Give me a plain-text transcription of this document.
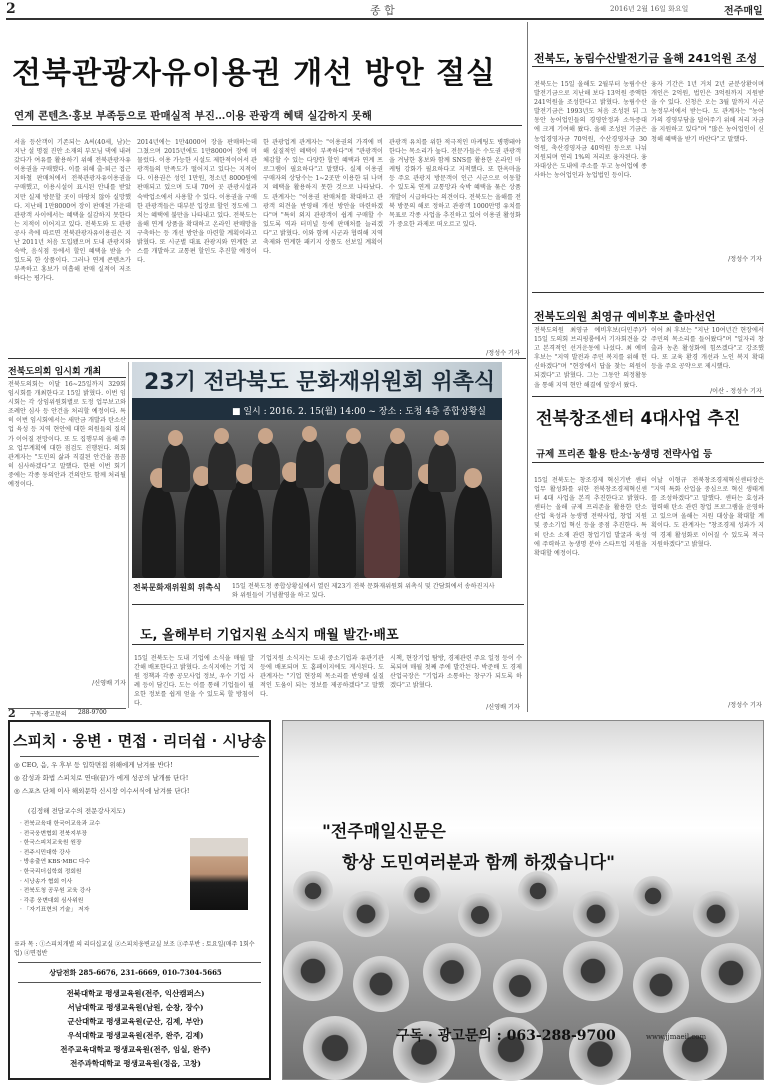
2	종 합	2016년 2월 16일 화요일	전주매일
전북관광자유이용권 개선 방안 절실
연계 콘텐츠·홍보 부족등으로 판매실적 부진…이용 관광객 혜택 실감하지 못해
서울 등산객이 기존되는 A씨(40세, 남)는 지난 설 명절 진안 소재의 부모님 댁에 내려갔다가 여유를 활용하기 위해 전북관광자유이용권을 구매했다. 이를 위해 출·퇴근 접근 지하철 판매처에서 전북관광자유이용권을 구매했고, 이용시설이 표시된 안내를 받았지만 실제 방문할 곳이 마땅치 않아 실망했다. 지난해 1만8000여 장이 판매된 가운데 관광객 사이에서는 혜택을 실감하지 못한다는 지적이 이어지고 있다. 전북도와 도 관광공사 측에 따르면 전북관광자유이용권은 지난 2011년 처음 도입됐으며 도내 관광지와 숙박, 음식점 등에서 할인 혜택을 받을 수 있도록 한 상품이다. 그러나 연계 콘텐츠가 부족하고 홍보가 미흡해 판매 실적이 저조하다는 평가다.
2014년에는 1만4000여 장을 판매하는데 그쳤으며 2015년에도 1만8000여 장에 머물렀다. 이용 가능한 시설도 제한적이어서 관광객들의 만족도가 떨어지고 있다는 지적이다. 이용권은 성인 1만원, 청소년 8000원에 판매되고 있으며 도내 70여 곳 관광시설과 숙박업소에서 사용할 수 있다. 이용권을 구매한 관광객들은 대부분 입장료 할인 정도에 그치는 혜택에 불만을 나타내고 있다. 전북도는 올해 연계 상품을 확대하고 온라인 판매망을 구축하는 등 개선 방안을 마련할 계획이라고 밝혔다. 또 시군별 대표 관광지와 연계한 코스를 개발하고 교통편 할인도 추진할 예정이다.
한 관광업계 관계자는 "이용권의 가격에 비해 실질적인 혜택이 부족하다"며 "관광객이 체감할 수 있는 다양한 할인 혜택과 연계 프로그램이 필요하다"고 말했다. 실제 이용권 구매자의 상당수는 1~2곳만 이용한 뒤 나머지 혜택을 활용하지 못한 것으로 나타났다. 도 관계자는 "이용권 판매처를 확대하고 관광객 의견을 반영해 개선 방안을 마련하겠다"며 "특히 외지 관광객이 쉽게 구매할 수 있도록 역과 터미널 등에 판매처를 늘리겠다"고 밝혔다. 이와 함께 시군과 협력해 지역 축제와 연계한 패키지 상품도 선보일 계획이다.
관광객 유치를 위한 적극적인 마케팅도 병행돼야 한다는 목소리가 높다. 전문가들은 수도권 관광객을 겨냥한 홍보와 함께 SNS를 활용한 온라인 마케팅 강화가 필요하다고 지적했다. 또 한옥마을 등 주요 관광지 방문객이 인근 시군으로 이동할 수 있도록 연계 교통망과 숙박 혜택을 묶은 상품 개발이 시급하다는 의견이다. 전북도는 올해를 전북 방문의 해로 정하고 관광객 1000만명 유치를 목표로 각종 사업을 추진하고 있어 이용권 활성화가 중요한 과제로 떠오르고 있다.
/정성수 기자
전북도, 농림수산발전기금 올해 241억원 조성
전북도는 15일 올해도 2월부터 농림수산발전기금으로 지난해 보다 13억원 증액한 241억원을 조성한다고 밝혔다. 농림수산발전기금은 1993년도 처음 조성된 뒤 그동안 농어업인들의 경영안정과 소득증대에 크게 기여해 왔다. 올해 조성된 기금은 농업경영자금 70억원, 수산경영자금 30억원, 축산경영자금 40억원 등으로 나눠 지원되며 연리 1%의 저리로 융자된다. 융자대상은 도내에 주소를 두고 농어업에 종사하는 농어업인과 농업법인 등이다.
융자 기간은 1년 거치 2년 균분상환이며 개인은 2억원, 법인은 3억원까지 지원받을 수 있다. 신청은 오는 3월 말까지 시군 농정부서에서 받는다. 도 관계자는 "농어가의 경영부담을 덜어주기 위해 저리 자금을 지원하고 있다"며 "많은 농어업인이 신청해 혜택을 받기 바란다"고 말했다.
/정성수 기자
전북도의원 최영규 예비후보 출마선언
전북도의원 최영규 예비후보(더민주)가 15일 도의회 브리핑룸에서 기자회견을 갖고 본격적인 선거운동에 나섰다. 최 예비후보는 "지역 발전과 주민 복지를 위해 헌신하겠다"며 "현장에서 답을 찾는 의원이 되겠다"고 밝혔다. 그는 그동안 의정활동을 통해 지역 현안 해결에 앞장서 왔다.
이어 최 후보는 "지난 10여년간 현장에서 주민의 목소리를 들어왔다"며 "일자리 창출과 농촌 활성화에 힘쓰겠다"고 강조했다. 또 교육 환경 개선과 노인 복지 확대 등을 주요 공약으로 제시했다.
/이산 - 정성수 기자
전북창조센터 4대사업 추진
규제 프리존 활용 탄소·농생명 전략사업 등
15일 전북도는 창조경제 혁신기반 센터 업무 활성화를 위한 전북창조경제혁신센터 4대 사업을 본격 추진한다고 밝혔다. 센터는 올해 규제 프리존을 활용한 탄소 산업 육성과 농생명 전략사업, 창업 지원 및 중소기업 혁신 등을 중점 추진한다. 특히 탄소 소재 관련 창업기업 발굴과 육성에 주력하고 농생명 분야 스타트업 지원을 확대할 예정이다.
이날 이형규 전북창조경제혁신센터장은 "지역 특화 산업을 중심으로 혁신 생태계를 조성하겠다"고 말했다. 센터는 효성과 협력해 탄소 관련 창업 프로그램을 운영하고 있으며 올해는 지원 대상을 확대할 계획이다. 도 관계자는 "창조경제 성과가 지역 경제 활성화로 이어질 수 있도록 적극 지원하겠다"고 밝혔다.
/정성수 기자
전북도의회 임시회 개최
전북도의회는 이달 16~25일까지 329회 임시회를 개최한다고 15일 밝혔다. 이번 임시회는 각 상임위원회별로 도정 업무보고와 조례안 심사 등 안건을 처리할 예정이다. 특히 이번 임시회에서는 새만금 개발과 탄소산업 육성 등 지역 현안에 대한 의원들의 질의가 이어질 전망이다. 또 도 집행부의 올해 주요 업무계획에 대한 점검도 진행된다. 의회 관계자는 "도민의 삶과 직결된 안건을 꼼꼼히 심사하겠다"고 말했다. 한편 이번 회기 중에는 각종 동의안과 건의안도 함께 처리될 예정이다.
/신영배 기자
23기 전라북도 문화재위원회 위촉식
■ 일시 : 2016. 2. 15(월) 14:00 ~ 장소 : 도청 4층 종합상황실
전북문화재위원회 위촉식 15일 전북도청 종합상황실에서 열린 제23기 전북 문화재위원회 위촉식 및 간담회에서 송하진지사와 위원들이 기념촬영을 하고 있다.
도, 올해부터 기업지원 소식지 매월 발간·배포
15일 전북도는 도내 기업에 소식을 매월 발간해 배포한다고 밝혔다. 소식지에는 기업 지원 정책과 각종 공모사업 정보, 우수 기업 사례 등이 담긴다. 도는 이를 통해 기업들이 필요한 정보를 쉽게 얻을 수 있도록 할 방침이다.
기업지원 소식지는 도내 중소기업과 유관기관 등에 배포되며 도 홈페이지에도 게시된다. 도 관계자는 "기업 현장의 목소리를 반영해 실질적인 도움이 되는 정보를 제공하겠다"고 말했다.
시책, 현장기업 탐방, 경제관련 주요 일정 등이 수록되며 매월 첫째 주에 발간된다. 박준배 도 경제산업국장은 "기업과 소통하는 창구가 되도록 하겠다"고 밝혔다.
/신영배 기자
2 구독·광고문의 288-9700
스피치 · 웅변 · 면접 · 리더쉽 · 시낭송
◎ CEO, 음, 우 후부 등 입학면접 위해에게 남겨를 반다!
◎ 감성과 화법 스피치로 연대(끝)가 에게 성공의 날개를 단다!
◎ 스포츠 단체 이사 해외문학 신시장 이수서식에 남겨를 단다!
(김정해 전담교수의 전문강사지도)
· 전북교육대 한국어교육과 교수
· 전국웅변협회 전북지부장
· 한국스피치교육원 원장
· 전주시민대학 강사
· 방송출연 KBS·MBC 다수
· 한국리더십학회 정회원
· 시낭송가 협회 이사
· 전북도청 공무원 교육 강사
· 각종 웅변대회 심사위원
· 「자기표현의 기술」 저자
※과 목 : ①스피치개별 의 리더십교실 ②스피치웅변교실 보조 ③주부반 : 토요일(매주 1회수업) ④면접반
상담전화 285-6676, 231-6669, 010-7304-5665
전북대학교 평생교육원(전주, 익산캠퍼스)
서남대학교 평생교육원(남원, 순창, 장수)
군산대학교 평생교육원(군산, 김제, 부안)
우석대학교 평생교육원(전주, 완주, 김제)
전주교육대학교 평생교육원(전주, 임실, 완주)
전주과학대학교 평생교육원(정읍, 고창)
"전주매일신문은
항상 도민여러분과 함께 하겠습니다"
구독 · 광고문의 : 063-288-9700	www.jjmaeil.com
